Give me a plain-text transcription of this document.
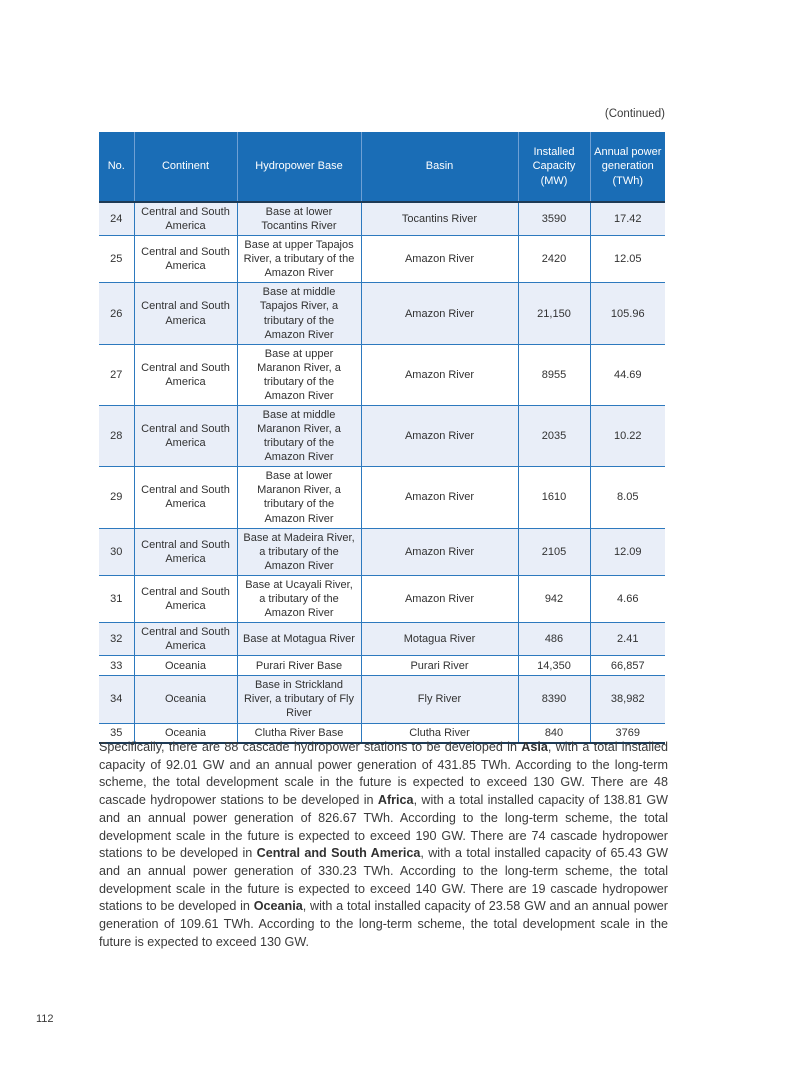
(Continued)
No.	Continent	Hydropower Base	Basin	Installed Capacity (MW)	Annual power generation (TWh)
24	Central and South America	Base at lower Tocantins River	Tocantins River	3590	17.42
25	Central and South America	Base at upper Tapajos River, a tributary of the Amazon River	Amazon River	2420	12.05
26	Central and South America	Base at middle Tapajos River, a tributary of the Amazon River	Amazon River	21,150	105.96
27	Central and South America	Base at upper Maranon River, a tributary of the Amazon River	Amazon River	8955	44.69
28	Central and South America	Base at middle Maranon River, a tributary of the Amazon River	Amazon River	2035	10.22
29	Central and South America	Base at lower Maranon River, a tributary of the Amazon River	Amazon River	1610	8.05
30	Central and South America	Base at Madeira River, a tributary of the Amazon River	Amazon River	2105	12.09
31	Central and South America	Base at Ucayali River, a tributary of the Amazon River	Amazon River	942	4.66
32	Central and South America	Base at Motagua River	Motagua River	486	2.41
33	Oceania	Purari River Base	Purari River	14,350	66,857
34	Oceania	Base in Strickland River, a tributary of Fly River	Fly River	8390	38,982
35	Oceania	Clutha River Base	Clutha River	840	3769

Specifically, there are 88 cascade hydropower stations to be developed in Asia, with a total installed capacity of 92.01 GW and an annual power generation of 431.85 TWh. According to the long-term scheme, the total development scale in the future is expected to exceed 130 GW. There are 48 cascade hydropower stations to be developed in Africa, with a total installed capacity of 138.81 GW and an annual power generation of 826.67 TWh. According to the long-term scheme, the total development scale in the future is expected to exceed 190 GW. There are 74 cascade hydropower stations to be developed in Central and South America, with a total installed capacity of 65.43 GW and an annual power generation of 330.23 TWh. According to the long-term scheme, the total development scale in the future is expected to exceed 140 GW. There are 19 cascade hydropower stations to be developed in Oceania, with a total installed capacity of 23.58 GW and an annual power generation of 109.61 TWh. According to the long-term scheme, the total development scale in the future is expected to exceed 130 GW.

112
